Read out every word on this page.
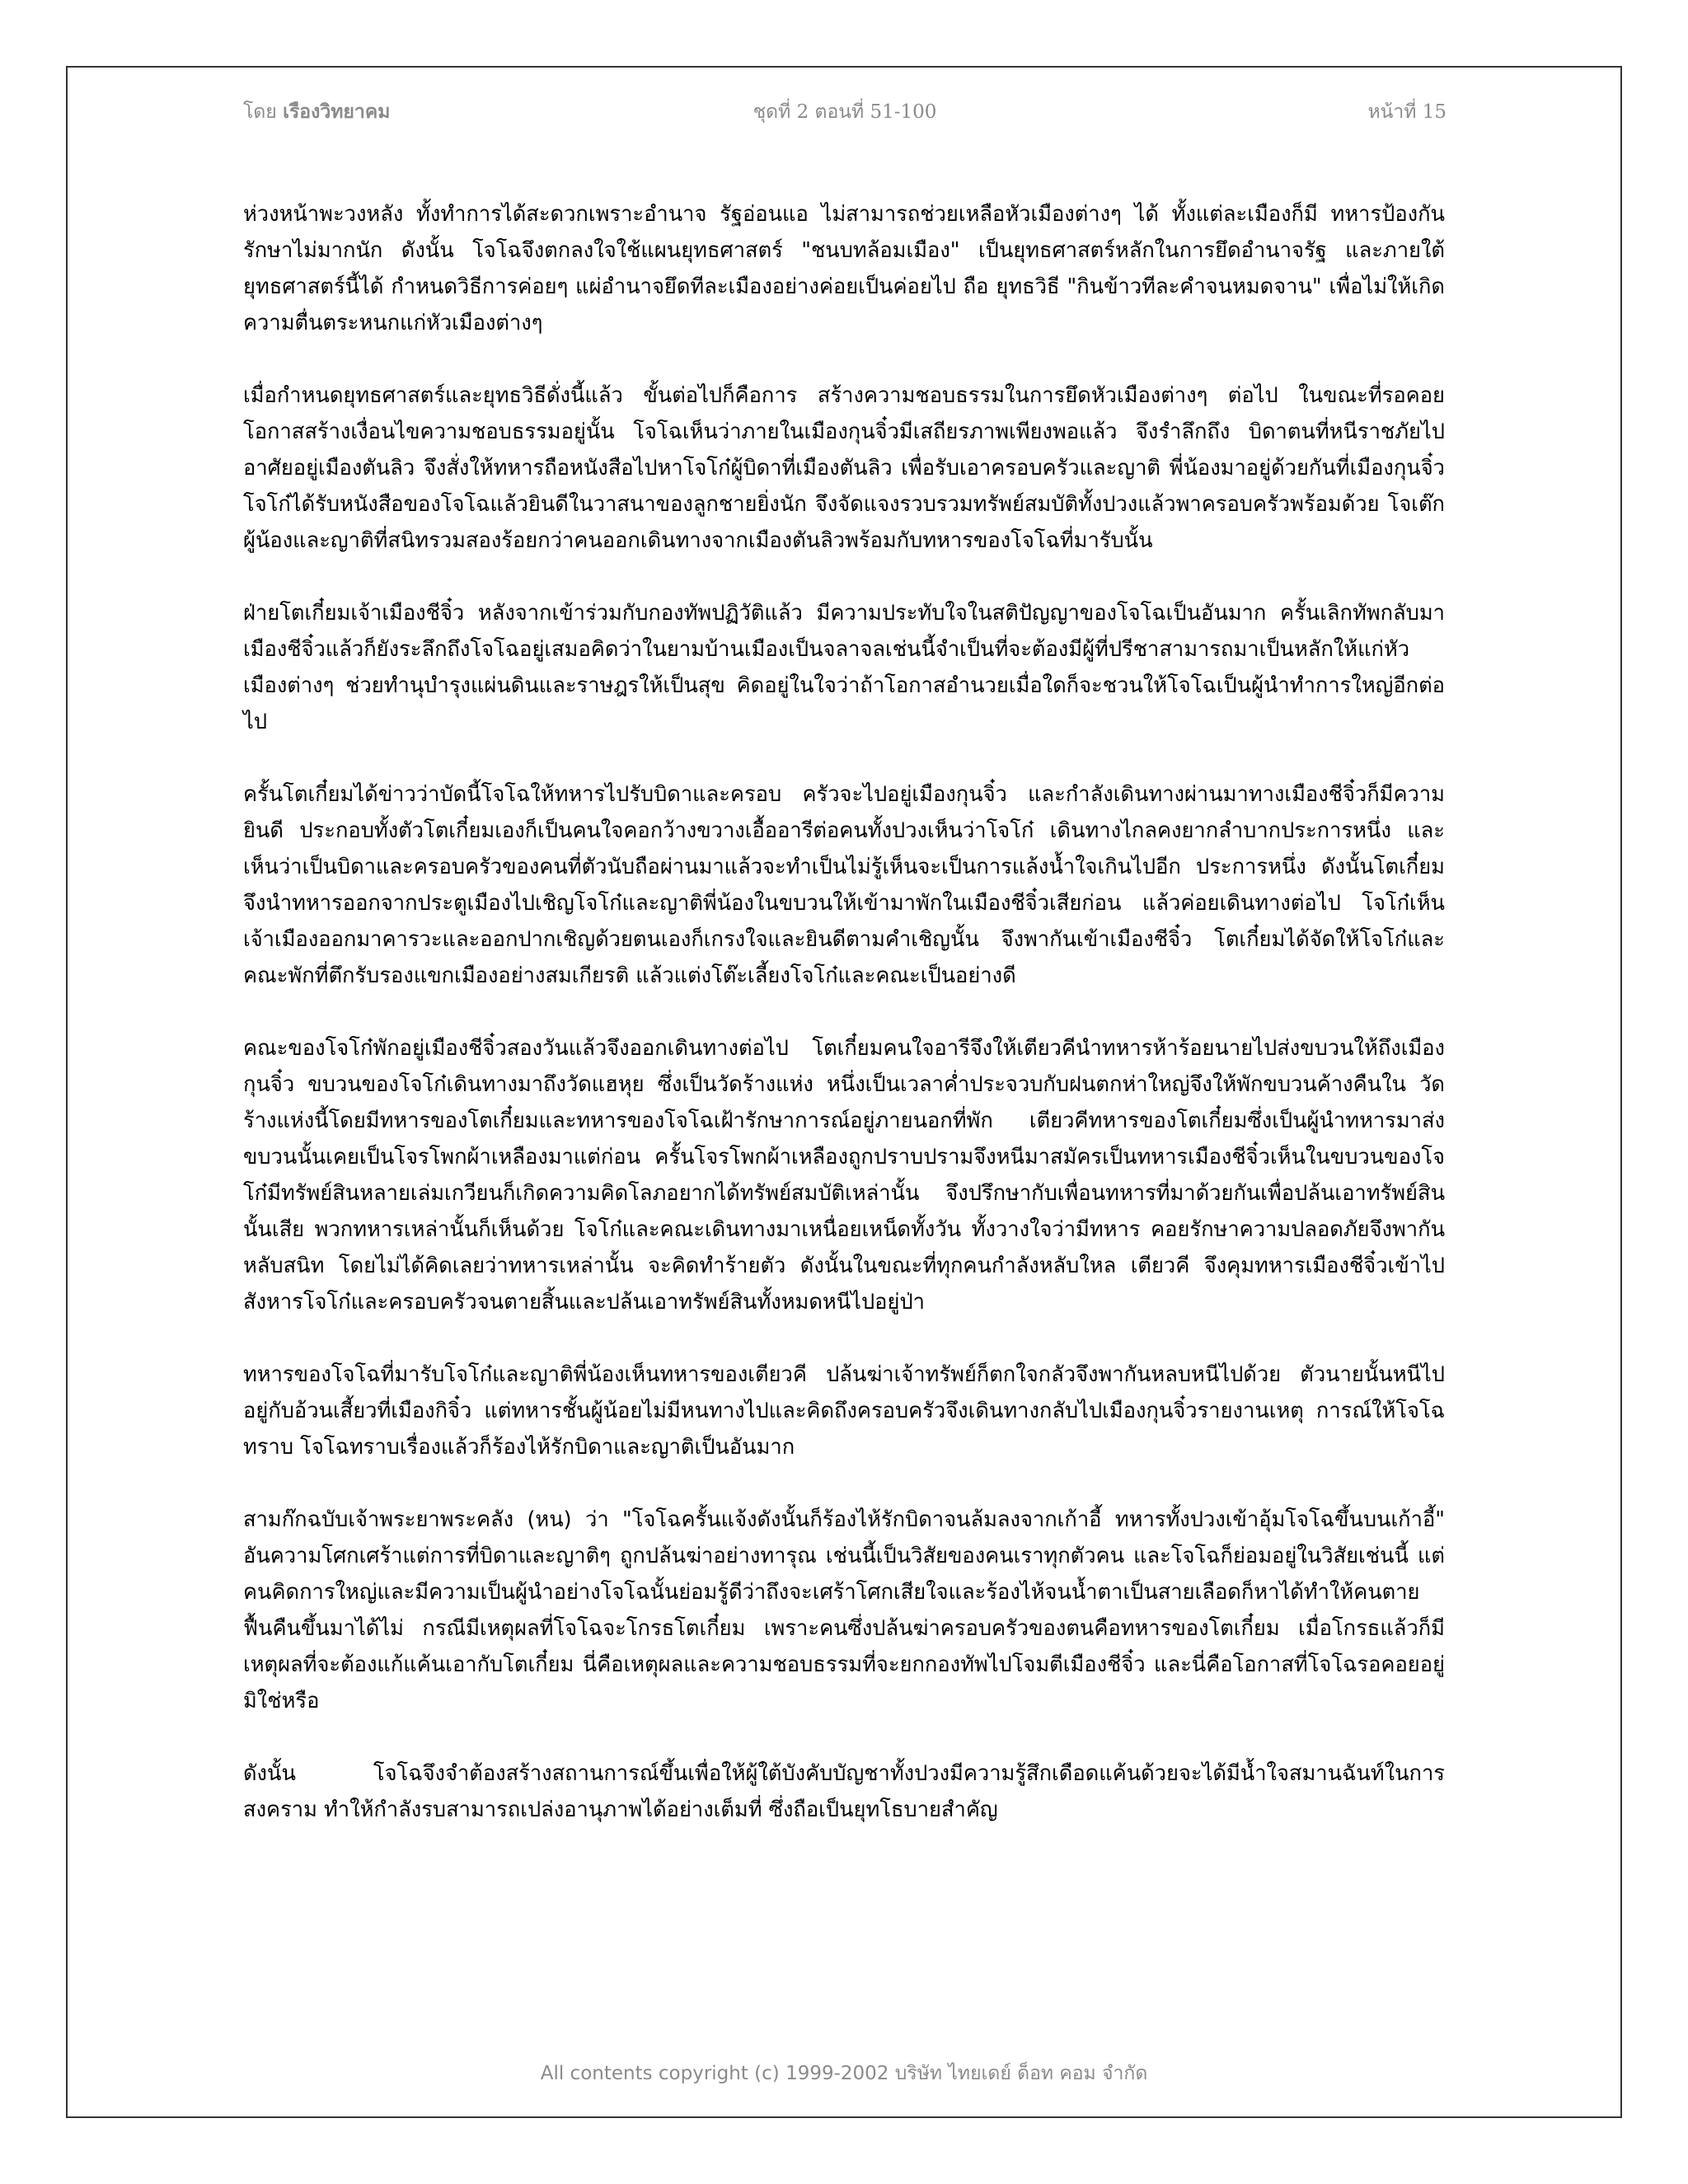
โดย เรืองวิทยาคม	ชุดที่ 2 ตอนที่ 51-100	หน้าที่ 15

ห่วงหน้าพะวงหลัง ทั้งทำการได้สะดวกเพราะอำนาจ รัฐอ่อนแอ ไม่สามารถช่วยเหลือหัวเมืองต่างๆ ได้ ทั้งแต่ละเมืองก็มี ทหารป้องกันรักษาไม่มากนัก ดังนั้น โจโฉจึงตกลงใจใช้แผนยุทธศาสตร์ "ชนบทล้อมเมือง" เป็นยุทธศาสตร์หลักในการยึดอำนาจรัฐ และภายใต้ยุทธศาสตร์นี้ได้ กำหนดวิธีการค่อยๆ แผ่อำนาจยึดทีละเมืองอย่างค่อยเป็นค่อยไป ถือ ยุทธวิธี "กินข้าวทีละคำจนหมดจาน" เพื่อไม่ให้เกิดความตื่นตระหนกแก่หัวเมืองต่างๆ

เมื่อกำหนดยุทธศาสตร์และยุทธวิธีดั่งนี้แล้ว ขั้นต่อไปก็คือการ สร้างความชอบธรรมในการยึดหัวเมืองต่างๆ ต่อไป ในขณะที่รอคอยโอกาสสร้างเงื่อนไขความชอบธรรมอยู่นั้น โจโฉเห็นว่าภายในเมืองกุนจิ๋วมีเสถียรภาพเพียงพอแล้ว จึงรำลึกถึง บิดาตนที่หนีราชภัยไปอาศัยอยู่เมืองตันลิว จึงสั่งให้ทหารถือหนังสือไปหาโจโก๋ผู้บิดาที่เมืองตันลิว เพื่อรับเอาครอบครัวและญาติ พี่น้องมาอยู่ด้วยกันที่เมืองกุนจิ๋ว โจโก๋ได้รับหนังสือของโจโฉแล้วยินดีในวาสนาของลูกชายยิ่งนัก จึงจัดแจงรวบรวมทรัพย์สมบัติทั้งปวงแล้วพาครอบครัวพร้อมด้วย โจเต๊กผู้น้องและญาติที่สนิทรวมสองร้อยกว่าคนออกเดินทางจากเมืองตันลิวพร้อมกับทหารของโจโฉที่มารับนั้น

ฝ่ายโตเกี๋ยมเจ้าเมืองชีจิ๋ว หลังจากเข้าร่วมกับกองทัพปฏิวัติแล้ว มีความประทับใจในสติปัญญาของโจโฉเป็นอันมาก ครั้นเลิกทัพกลับมาเมืองชีจิ๋วแล้วก็ยังระลึกถึงโจโฉอยู่เสมอคิดว่าในยามบ้านเมืองเป็นจลาจลเช่นนี้จำเป็นที่จะต้องมีผู้ที่ปรีชาสามารถมาเป็นหลักให้แก่หัวเมืองต่างๆ ช่วยทำนุบำรุงแผ่นดินและราษฎรให้เป็นสุข คิดอยู่ในใจว่าถ้าโอกาสอำนวยเมื่อใดก็จะชวนให้โจโฉเป็นผู้นำทำการใหญ่อีกต่อไป

ครั้นโตเกี๋ยมได้ข่าวว่าบัดนี้โจโฉให้ทหารไปรับบิดาและครอบ ครัวจะไปอยู่เมืองกุนจิ๋ว และกำลังเดินทางผ่านมาทางเมืองชีจิ๋วก็มีความยินดี ประกอบทั้งตัวโตเกี๋ยมเองก็เป็นคนใจคอกว้างขวางเอื้ออารีต่อคนทั้งปวงเห็นว่าโจโก๋ เดินทางไกลคงยากลำบากประการหนึ่ง และเห็นว่าเป็นบิดาและครอบครัวของคนที่ตัวนับถือผ่านมาแล้วจะทำเป็นไม่รู้เห็นจะเป็นการแล้งน้ำใจเกินไปอีก ประการหนึ่ง ดังนั้นโตเกี๋ยมจึงนำทหารออกจากประตูเมืองไปเชิญโจโก๋และญาติพี่น้องในขบวนให้เข้ามาพักในเมืองชีจิ๋วเสียก่อน แล้วค่อยเดินทางต่อไป โจโก๋เห็นเจ้าเมืองออกมาคารวะและออกปากเชิญด้วยตนเองก็เกรงใจและยินดีตามคำเชิญนั้น จึงพากันเข้าเมืองชีจิ๋ว โตเกี๋ยมได้จัดให้โจโก๋และคณะพักที่ตึกรับรองแขกเมืองอย่างสมเกียรติ แล้วแต่งโต๊ะเลี้ยงโจโก๋และคณะเป็นอย่างดี

คณะของโจโก๋พักอยู่เมืองชีจิ๋วสองวันแล้วจึงออกเดินทางต่อไป โตเกี๋ยมคนใจอารีจึงให้เตียวคีนำทหารห้าร้อยนายไปส่งขบวนให้ถึงเมืองกุนจิ๋ว ขบวนของโจโก๋เดินทางมาถึงวัดแฮหุย ซึ่งเป็นวัดร้างแห่ง หนึ่งเป็นเวลาค่ำประจวบกับฝนตกห่าใหญ่จึงให้พักขบวนค้างคืนใน วัดร้างแห่งนี้โดยมีทหารของโตเกี๋ยมและทหารของโจโฉเฝ้ารักษาการณ์อยู่ภายนอกที่พัก เตียวคีทหารของโตเกี๋ยมซึ่งเป็นผู้นำทหารมาส่งขบวนนั้นเคยเป็นโจรโพกผ้าเหลืองมาแต่ก่อน ครั้นโจรโพกผ้าเหลืองถูกปราบปรามจึงหนีมาสมัครเป็นทหารเมืองชีจิ๋วเห็นในขบวนของโจโก๋มีทรัพย์สินหลายเล่มเกวียนก็เกิดความคิดโลภอยากได้ทรัพย์สมบัติเหล่านั้น จึงปรึกษากับเพื่อนทหารที่มาด้วยกันเพื่อปล้นเอาทรัพย์สินนั้นเสีย พวกทหารเหล่านั้นก็เห็นด้วย โจโก๋และคณะเดินทางมาเหนื่อยเหน็ดทั้งวัน ทั้งวางใจว่ามีทหาร คอยรักษาความปลอดภัยจึงพากันหลับสนิท โดยไม่ได้คิดเลยว่าทหารเหล่านั้น จะคิดทำร้ายตัว ดังนั้นในขณะที่ทุกคนกำลังหลับใหล เตียวคี จึงคุมทหารเมืองชีจิ๋วเข้าไปสังหารโจโก๋และครอบครัวจนตายสิ้นและปล้นเอาทรัพย์สินทั้งหมดหนีไปอยู่ป่า

ทหารของโจโฉที่มารับโจโก๋และญาติพี่น้องเห็นทหารของเตียวคี ปล้นฆ่าเจ้าทรัพย์ก็ตกใจกลัวจึงพากันหลบหนีไปด้วย ตัวนายนั้นหนีไปอยู่กับอ้วนเสี้ยวที่เมืองกิจิ๋ว แต่ทหารชั้นผู้น้อยไม่มีหนทางไปและคิดถึงครอบครัวจึงเดินทางกลับไปเมืองกุนจิ๋วรายงานเหตุ การณ์ให้โจโฉทราบ โจโฉทราบเรื่องแล้วก็ร้องไห้รักบิดาและญาติเป็นอันมาก

สามก๊กฉบับเจ้าพระยาพระคลัง (หน) ว่า "โจโฉครั้นแจ้งดังนั้นก็ร้องไห้รักบิดาจนล้มลงจากเก้าอี้ ทหารทั้งปวงเข้าอุ้มโจโฉขึ้นบนเก้าอี้" อันความโศกเศร้าแต่การที่บิดาและญาติๆ ถูกปล้นฆ่าอย่างทารุณ เช่นนี้เป็นวิสัยของคนเราทุกตัวคน และโจโฉก็ย่อมอยู่ในวิสัยเช่นนี้ แต่คนคิดการใหญ่และมีความเป็นผู้นำอย่างโจโฉนั้นย่อมรู้ดีว่าถึงจะเศร้าโศกเสียใจและร้องไห้จนน้ำตาเป็นสายเลือดก็หาได้ทำให้คนตายฟื้นคืนขึ้นมาได้ไม่ กรณีมีเหตุผลที่โจโฉจะโกรธโตเกี๋ยม เพราะคนซึ่งปล้นฆ่าครอบครัวของตนคือทหารของโตเกี๋ยม เมื่อโกรธแล้วก็มีเหตุผลที่จะต้องแก้แค้นเอากับโตเกี๋ยม นี่คือเหตุผลและความชอบธรรมที่จะยกกองทัพไปโจมตีเมืองชีจิ๋ว และนี่คือโอกาสที่โจโฉรอคอยอยู่มิใช่หรือ

ดังนั้น โจโฉจึงจำต้องสร้างสถานการณ์ขึ้นเพื่อให้ผู้ใต้บังคับบัญชาทั้งปวงมีความรู้สึกเดือดแค้นด้วยจะได้มีน้ำใจสมานฉันท์ในการสงคราม ทำให้กำลังรบสามารถเปล่งอานุภาพได้อย่างเต็มที่ ซึ่งถือเป็นยุทโธบายสำคัญ

All contents copyright (c) 1999-2002 บริษัท ไทยเดย์ ด็อท คอม จำกัด
